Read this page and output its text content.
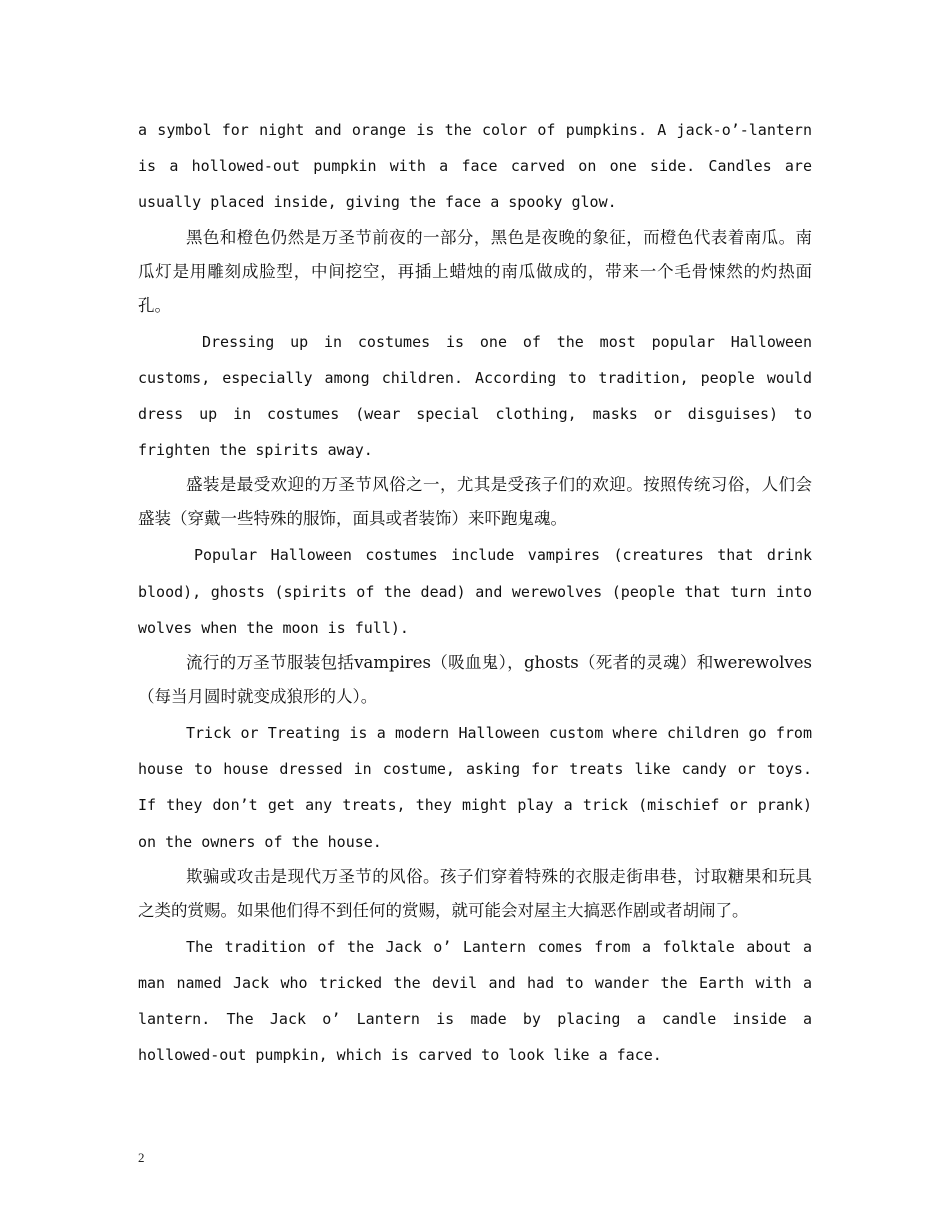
a symbol for night and orange is the color of pumpkins. A jack-o’-lantern is a hollowed-out pumpkin with a face carved on one side. Candles are usually placed inside, giving the face a spooky glow.

黑色和橙色仍然是万圣节前夜的一部分，黑色是夜晚的象征，而橙色代表着南瓜。南瓜灯是用雕刻成脸型，中间挖空，再插上蜡烛的南瓜做成的，带来一个毛骨悚然的灼热面孔。

Dressing up in costumes is one of the most popular Halloween customs, especially among children. According to tradition, people would dress up in costumes (wear special clothing, masks or disguises) to frighten the spirits away.

盛装是最受欢迎的万圣节风俗之一，尤其是受孩子们的欢迎。按照传统习俗，人们会盛装（穿戴一些特殊的服饰，面具或者装饰）来吓跑鬼魂。

Popular Halloween costumes include vampires (creatures that drink blood), ghosts (spirits of the dead) and werewolves (people that turn into wolves when the moon is full).

流行的万圣节服装包括vampires（吸血鬼），ghosts（死者的灵魂）和werewolves（每当月圆时就变成狼形的人）。

Trick or Treating is a modern Halloween custom where children go from house to house dressed in costume, asking for treats like candy or toys. If they don’t get any treats, they might play a trick (mischief or prank) on the owners of the house.

欺骗或攻击是现代万圣节的风俗。孩子们穿着特殊的衣服走街串巷，讨取糖果和玩具之类的赏赐。如果他们得不到任何的赏赐，就可能会对屋主大搞恶作剧或者胡闹了。

The tradition of the Jack o’ Lantern comes from a folktale about a man named Jack who tricked the devil and had to wander the Earth with a lantern. The Jack o’ Lantern is made by placing a candle inside a hollowed-out pumpkin, which is carved to look like a face.

2
